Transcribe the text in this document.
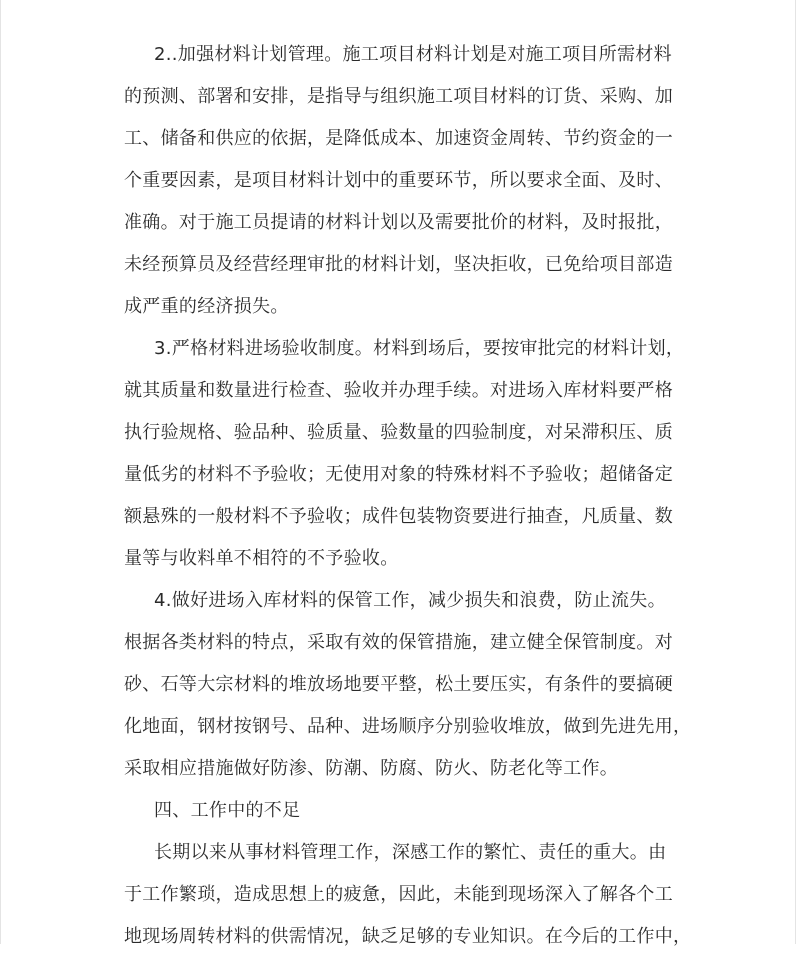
2..加强材料计划管理。施工项目材料计划是对施工项目所需材料
的预测、部署和安排，是指导与组织施工项目材料的订货、采购、加
工、储备和供应的依据，是降低成本、加速资金周转、节约资金的一
个重要因素，是项目材料计划中的重要环节，所以要求全面、及时、
准确。对于施工员提请的材料计划以及需要批价的材料，及时报批，
未经预算员及经营经理审批的材料计划，坚决拒收，已免给项目部造
成严重的经济损失。
3.严格材料进场验收制度。材料到场后，要按审批完的材料计划，
就其质量和数量进行检查、验收并办理手续。对进场入库材料要严格
执行验规格、验品种、验质量、验数量的四验制度，对呆滞积压、质
量低劣的材料不予验收；无使用对象的特殊材料不予验收；超储备定
额悬殊的一般材料不予验收；成件包装物资要进行抽查，凡质量、数
量等与收料单不相符的不予验收。
4.做好进场入库材料的保管工作，减少损失和浪费，防止流失。
根据各类材料的特点，采取有效的保管措施，建立健全保管制度。对
砂、石等大宗材料的堆放场地要平整，松土要压实，有条件的要搞硬
化地面，钢材按钢号、品种、进场顺序分别验收堆放，做到先进先用，
采取相应措施做好防渗、防潮、防腐、防火、防老化等工作。
四、工作中的不足
长期以来从事材料管理工作，深感工作的繁忙、责任的重大。由
于工作繁琐，造成思想上的疲惫，因此，未能到现场深入了解各个工
地现场周转材料的供需情况，缺乏足够的专业知识。在今后的工作中，
